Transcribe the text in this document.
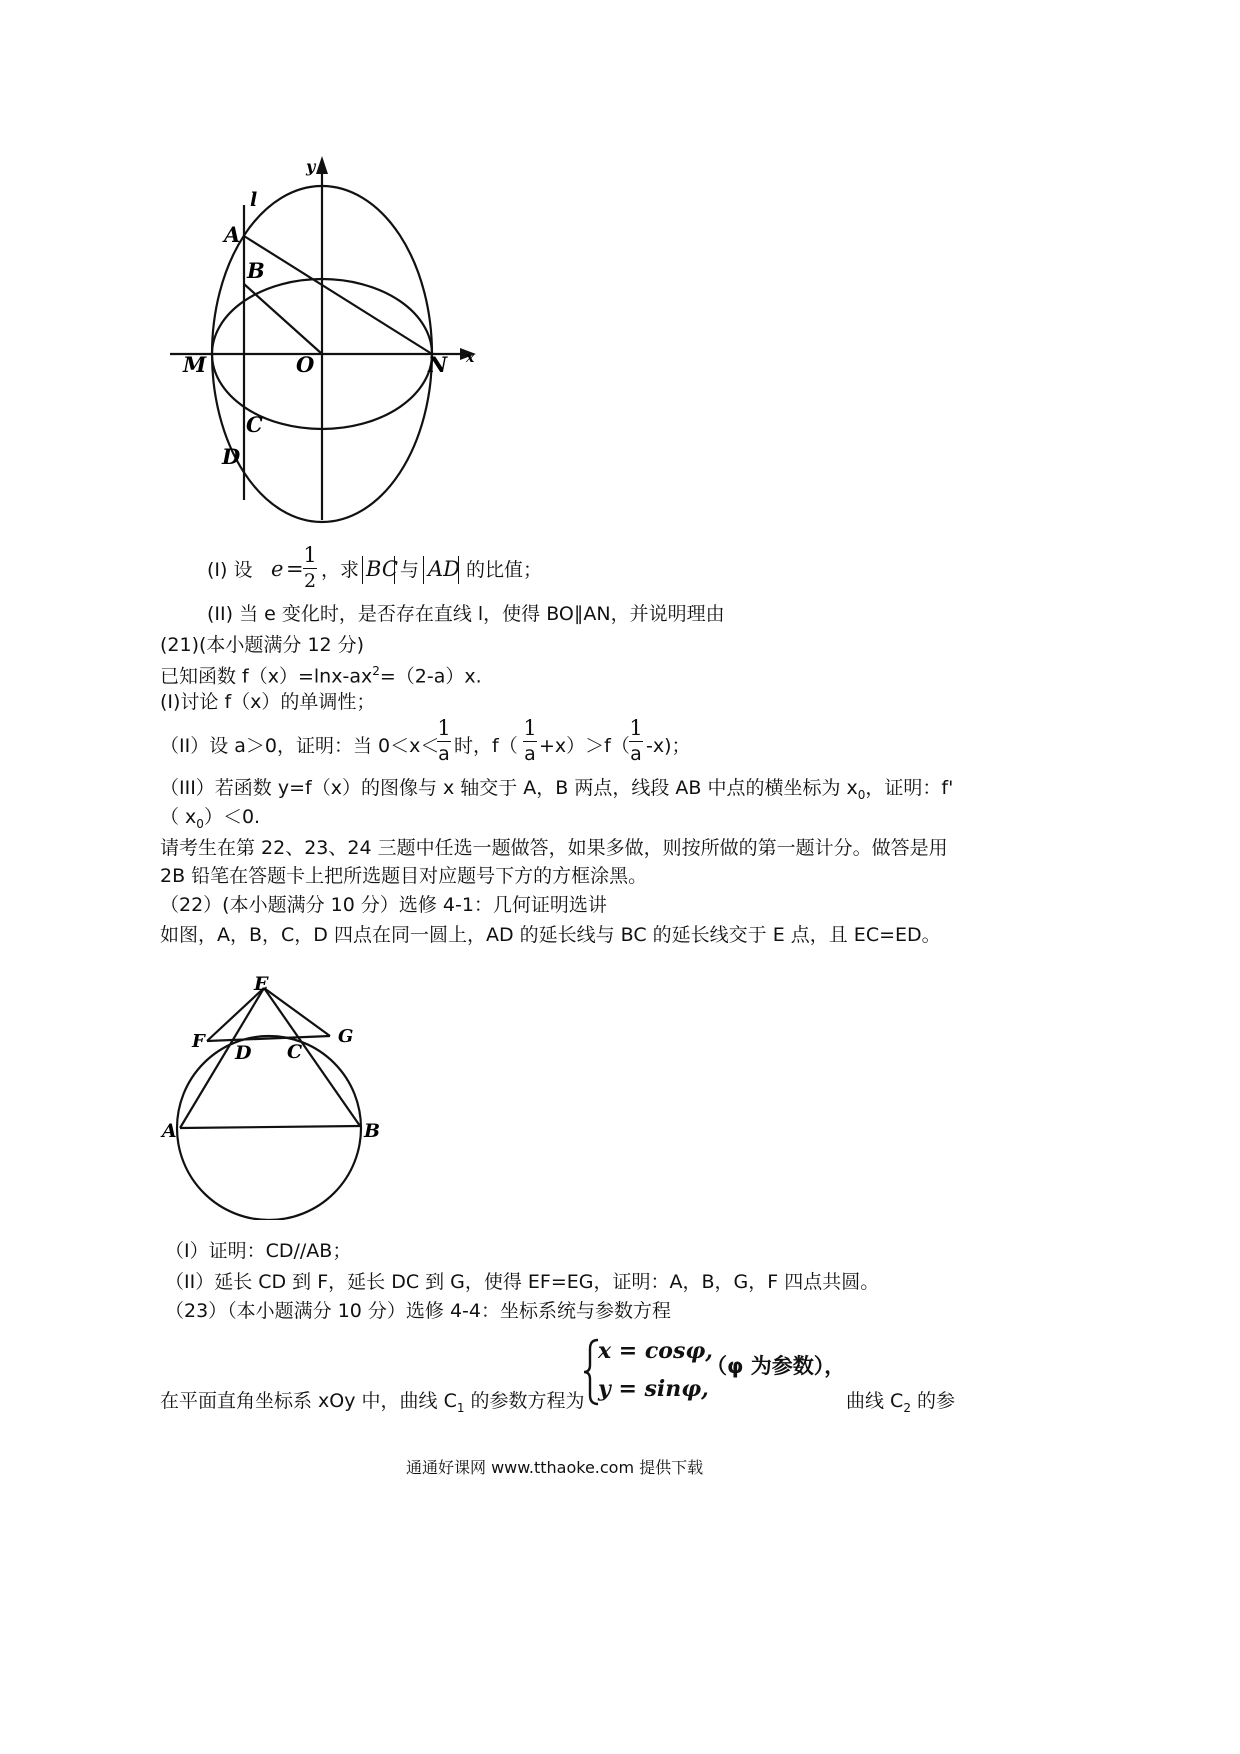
y
x
l
A
B
C
D
M	O	N
(I) 设 e =
1
2 ，求 BC 与 AD 的比值；
(II) 当 e 变化时，是否存在直线 l，使得 BO∥AN，并说明理由
(21)(本小题满分 12 分)
已知函数 $f(x)=\ln x-ax^2=(2-a)x$.
(I)讨论 f（x）的单调性；
（II）设 a＞0，证明：当 0＜x＜
1
a 时，f（
1
a +x）＞f（
1
a -x)；
（III）若函数 y=f（x）的图像与 x 轴交于 A，B 两点，线段 AB 中点的横坐标为 $x_0$，证明：f'
（ $x_0)<0$.
请考生在第 22、23、24 三题中任选一题做答，如果多做，则按所做的第一题计分。做答是用
2B 铅笔在答题卡上把所选题目对应题号下方的方框涂黑。
（22）(本小题满分 10 分）选修 4-1：几何证明选讲
如图，A，B，C，D 四点在同一圆上，AD 的延长线与 BC 的延长线交于 E 点，且 EC=ED。
E
F	G
D C
A	B
（I）证明：CD//AB；
（II）延长 CD 到 F，延长 DC 到 G，使得 EF=EG，证明：A，B，G，F 四点共圆。
（23）（本小题满分 10 分）选修 4-4：坐标系统与参数方程
在平面直角坐标系 xOy 中，曲线 $C_1$ 的参数方程为
x = cosφ,
y = sinφ,
（φ 为参数），
曲线 $C_2$ 的参
通通好课网 www.tthaoke.com 提供下载
